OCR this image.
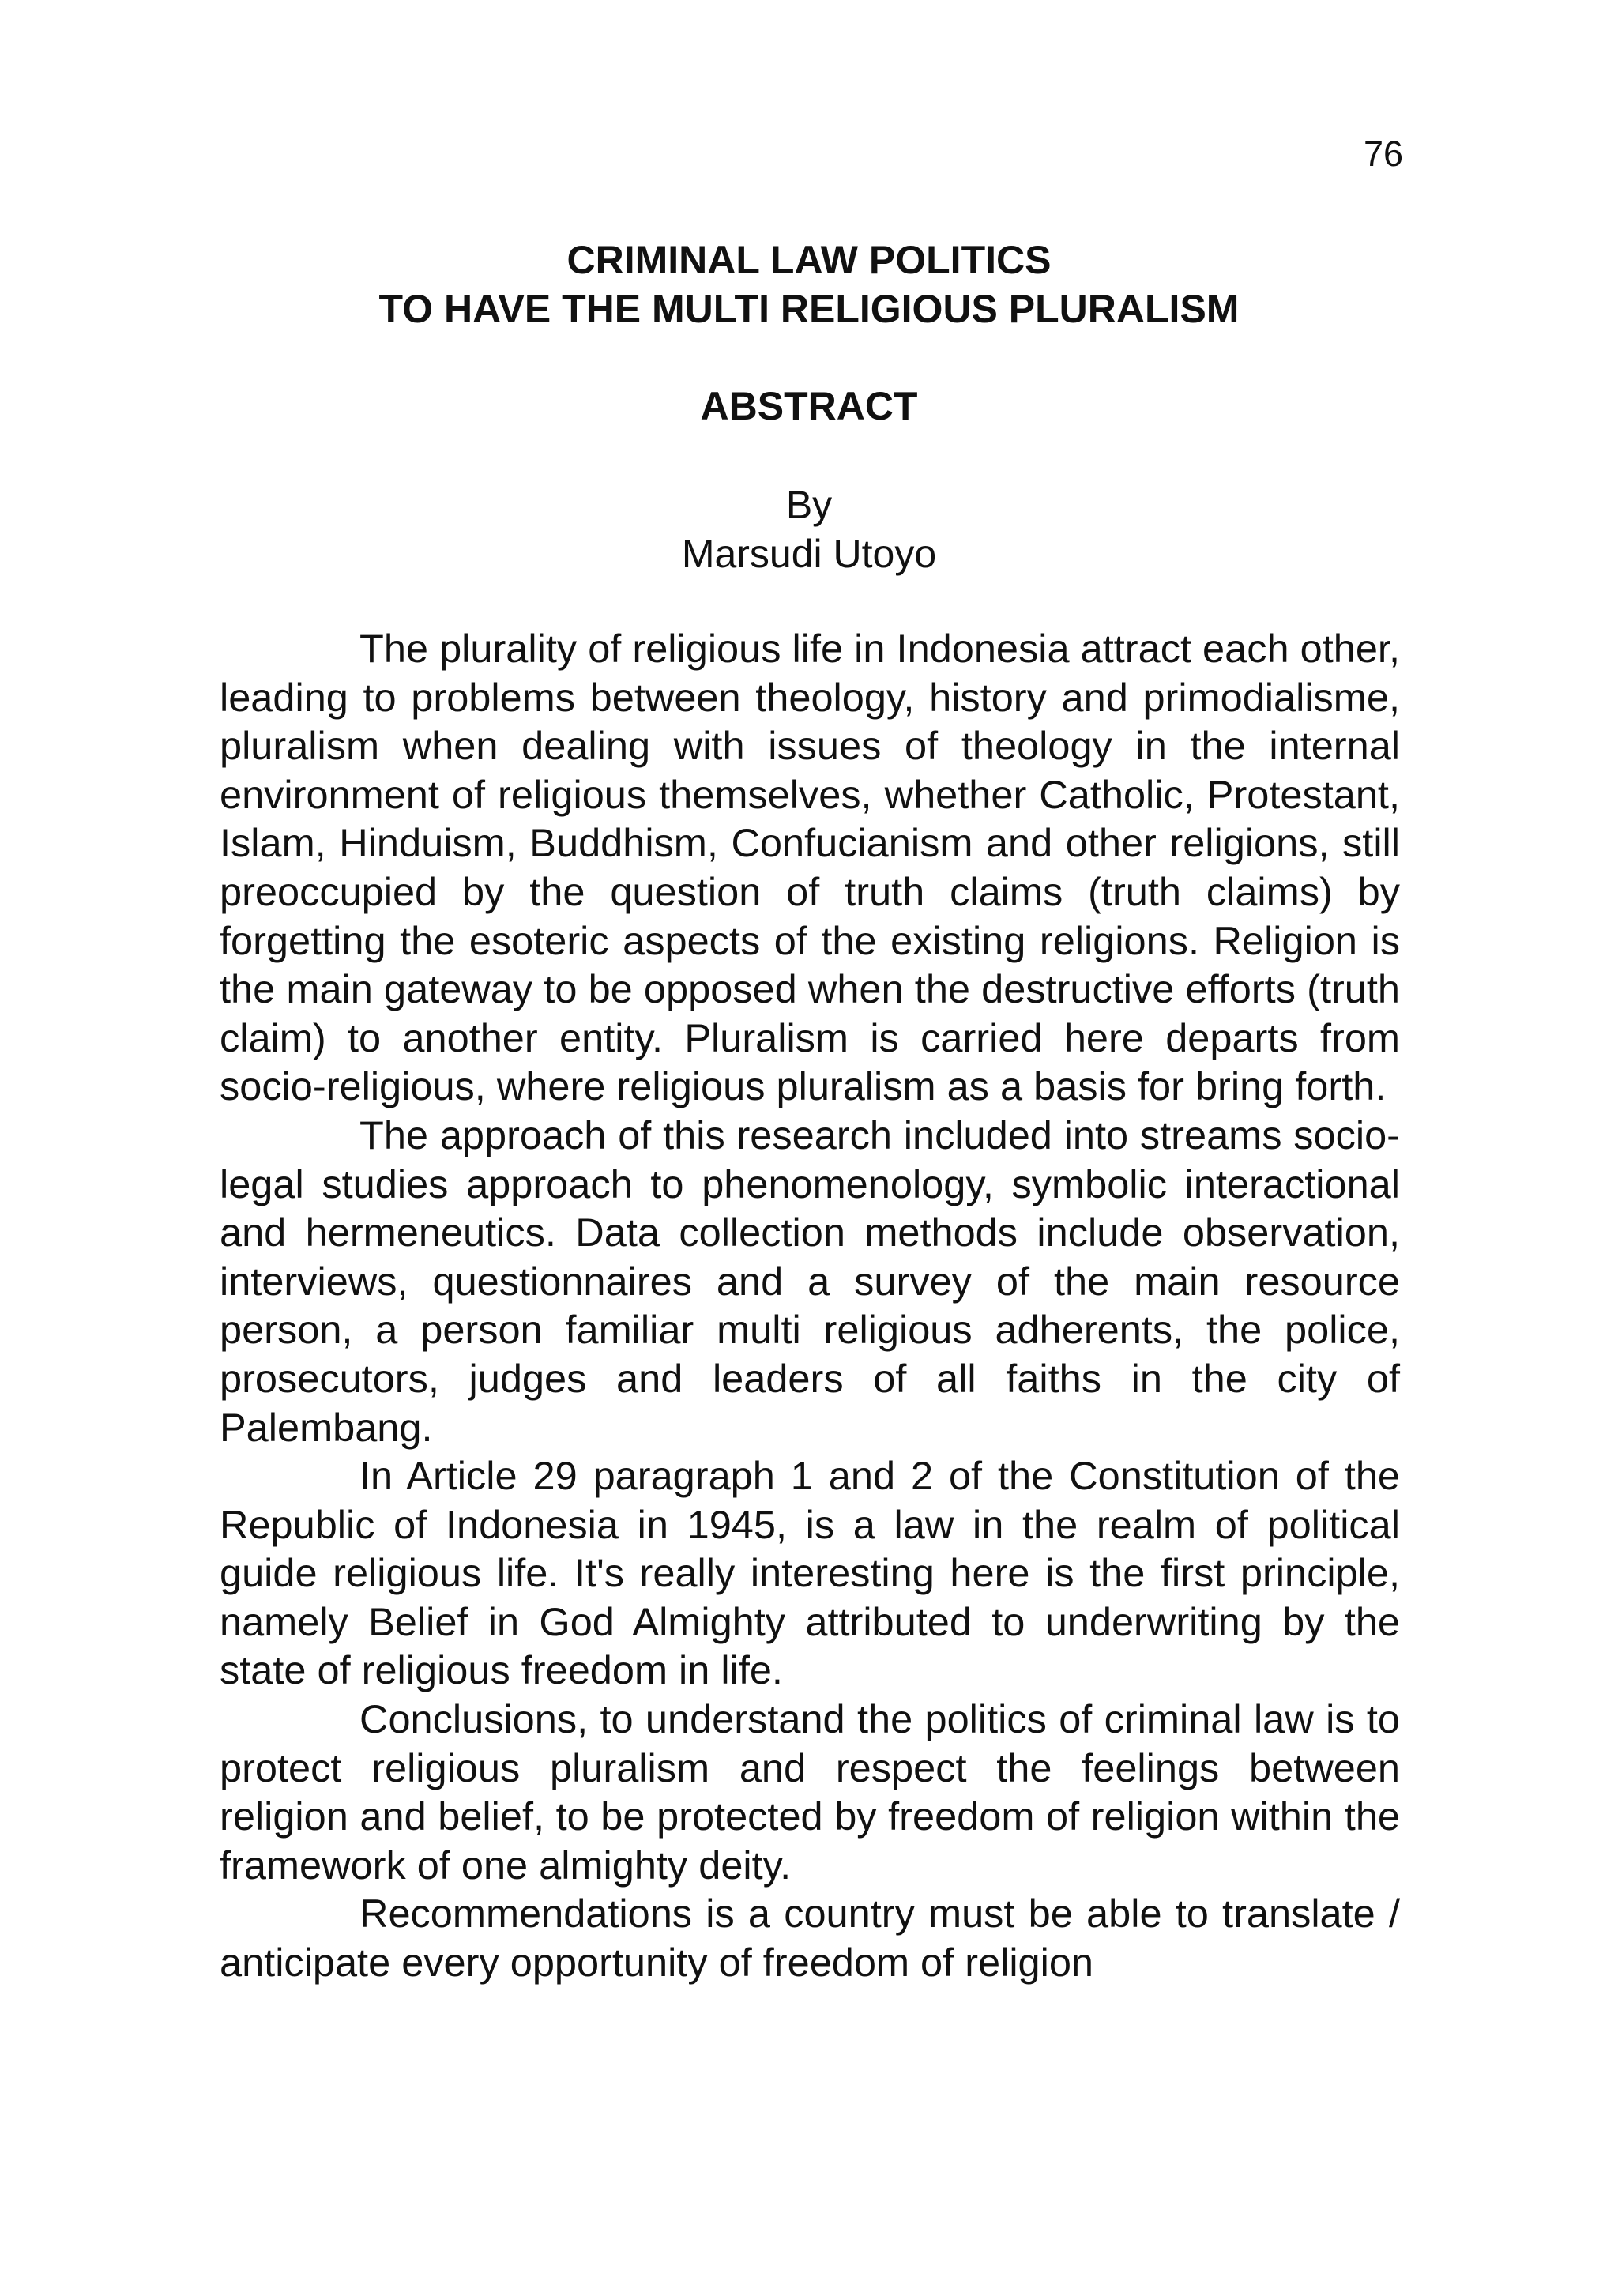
76
CRIMINAL LAW POLITICS
TO HAVE THE MULTI RELIGIOUS PLURALISM
ABSTRACT
By
Marsudi Utoyo

The plurality of religious life in Indonesia attract each other, leading to problems between theology, history and primodialisme, pluralism when dealing with issues of theology in the internal environment of religious themselves, whether Catholic, Protestant, Islam, Hinduism, Buddhism, Confucianism and other religions, still preoccupied by the question of truth claims (truth claims) by forgetting the esoteric aspects of the existing religions. Religion is the main gateway to be opposed when the destructive efforts (truth claim) to another entity. Pluralism is carried here departs from socio-religious, where religious pluralism as a basis for bring forth.

The approach of this research included into streams socio-legal studies approach to phenomenology, symbolic interactional and hermeneutics. Data collection methods include observation, interviews, questionnaires and a survey of the main resource person, a person familiar multi religious adherents, the police, prosecutors, judges and leaders of all faiths in the city of Palembang.

In Article 29 paragraph 1 and 2 of the Constitution of the Republic of Indonesia in 1945, is a law in the realm of political guide religious life. It's really interesting here is the first principle, namely Belief in God Almighty attributed to underwriting by the state of religious freedom in life.

Conclusions, to understand the politics of criminal law is to protect religious pluralism and respect the feelings between religion and belief, to be protected by freedom of religion within the framework of one almighty deity.

Recommendations is a country must be able to translate / anticipate every opportunity of freedom of religion
